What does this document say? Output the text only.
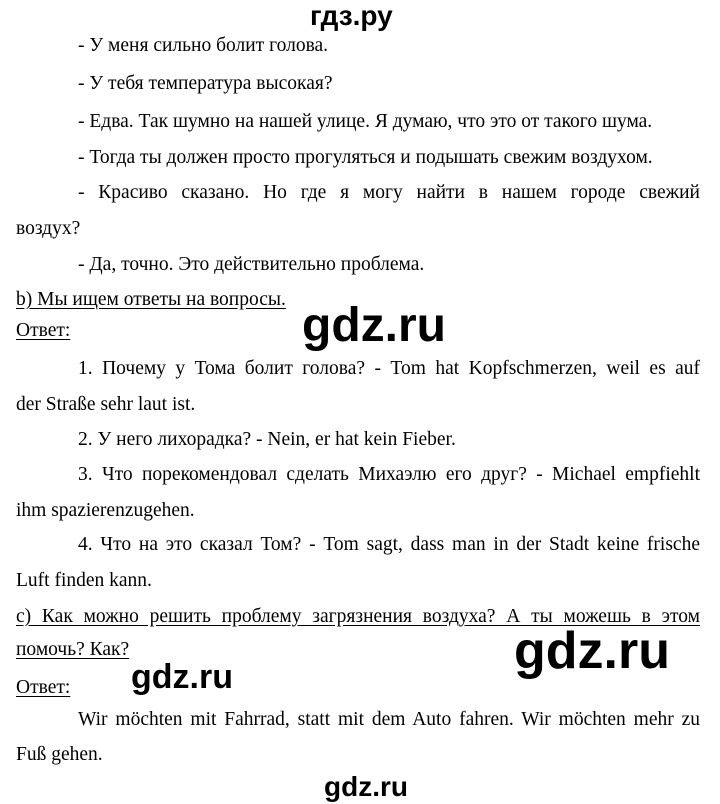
гдз.ру
- У меня сильно болит голова.
- У тебя температура высокая?
- Едва. Так шумно на нашей улице. Я думаю, что это от такого шума.
- Тогда ты должен просто прогуляться и подышать свежим воздухом.
- Красиво сказано. Но где я могу найти в нашем городе свежий
воздух?
- Да, точно. Это действительно проблема.
b) Мы ищем ответы на вопросы. gdz.ru
Ответ:
1. Почему у Тома болит голова? - Tom hat Kopfschmerzen, weil es auf
der Straße sehr laut ist.
2. У него лихорадка? - Nein, er hat kein Fieber.
3. Что порекомендовал сделать Михаэлю его друг? - Michael empfiehlt
ihm spazierenzugehen.
4. Что на это сказал Том? - Tom sagt, dass man in der Stadt keine frische
Luft finden kann.
c) Как можно решить проблему загрязнения воздуха? А ты можешь в этом
помочь? Как?	gdz.ru
gdz.ru
Ответ:
Wir möchten mit Fahrrad, statt mit dem Auto fahren. Wir möchten mehr zu
Fuß gehen.
gdz.ru
